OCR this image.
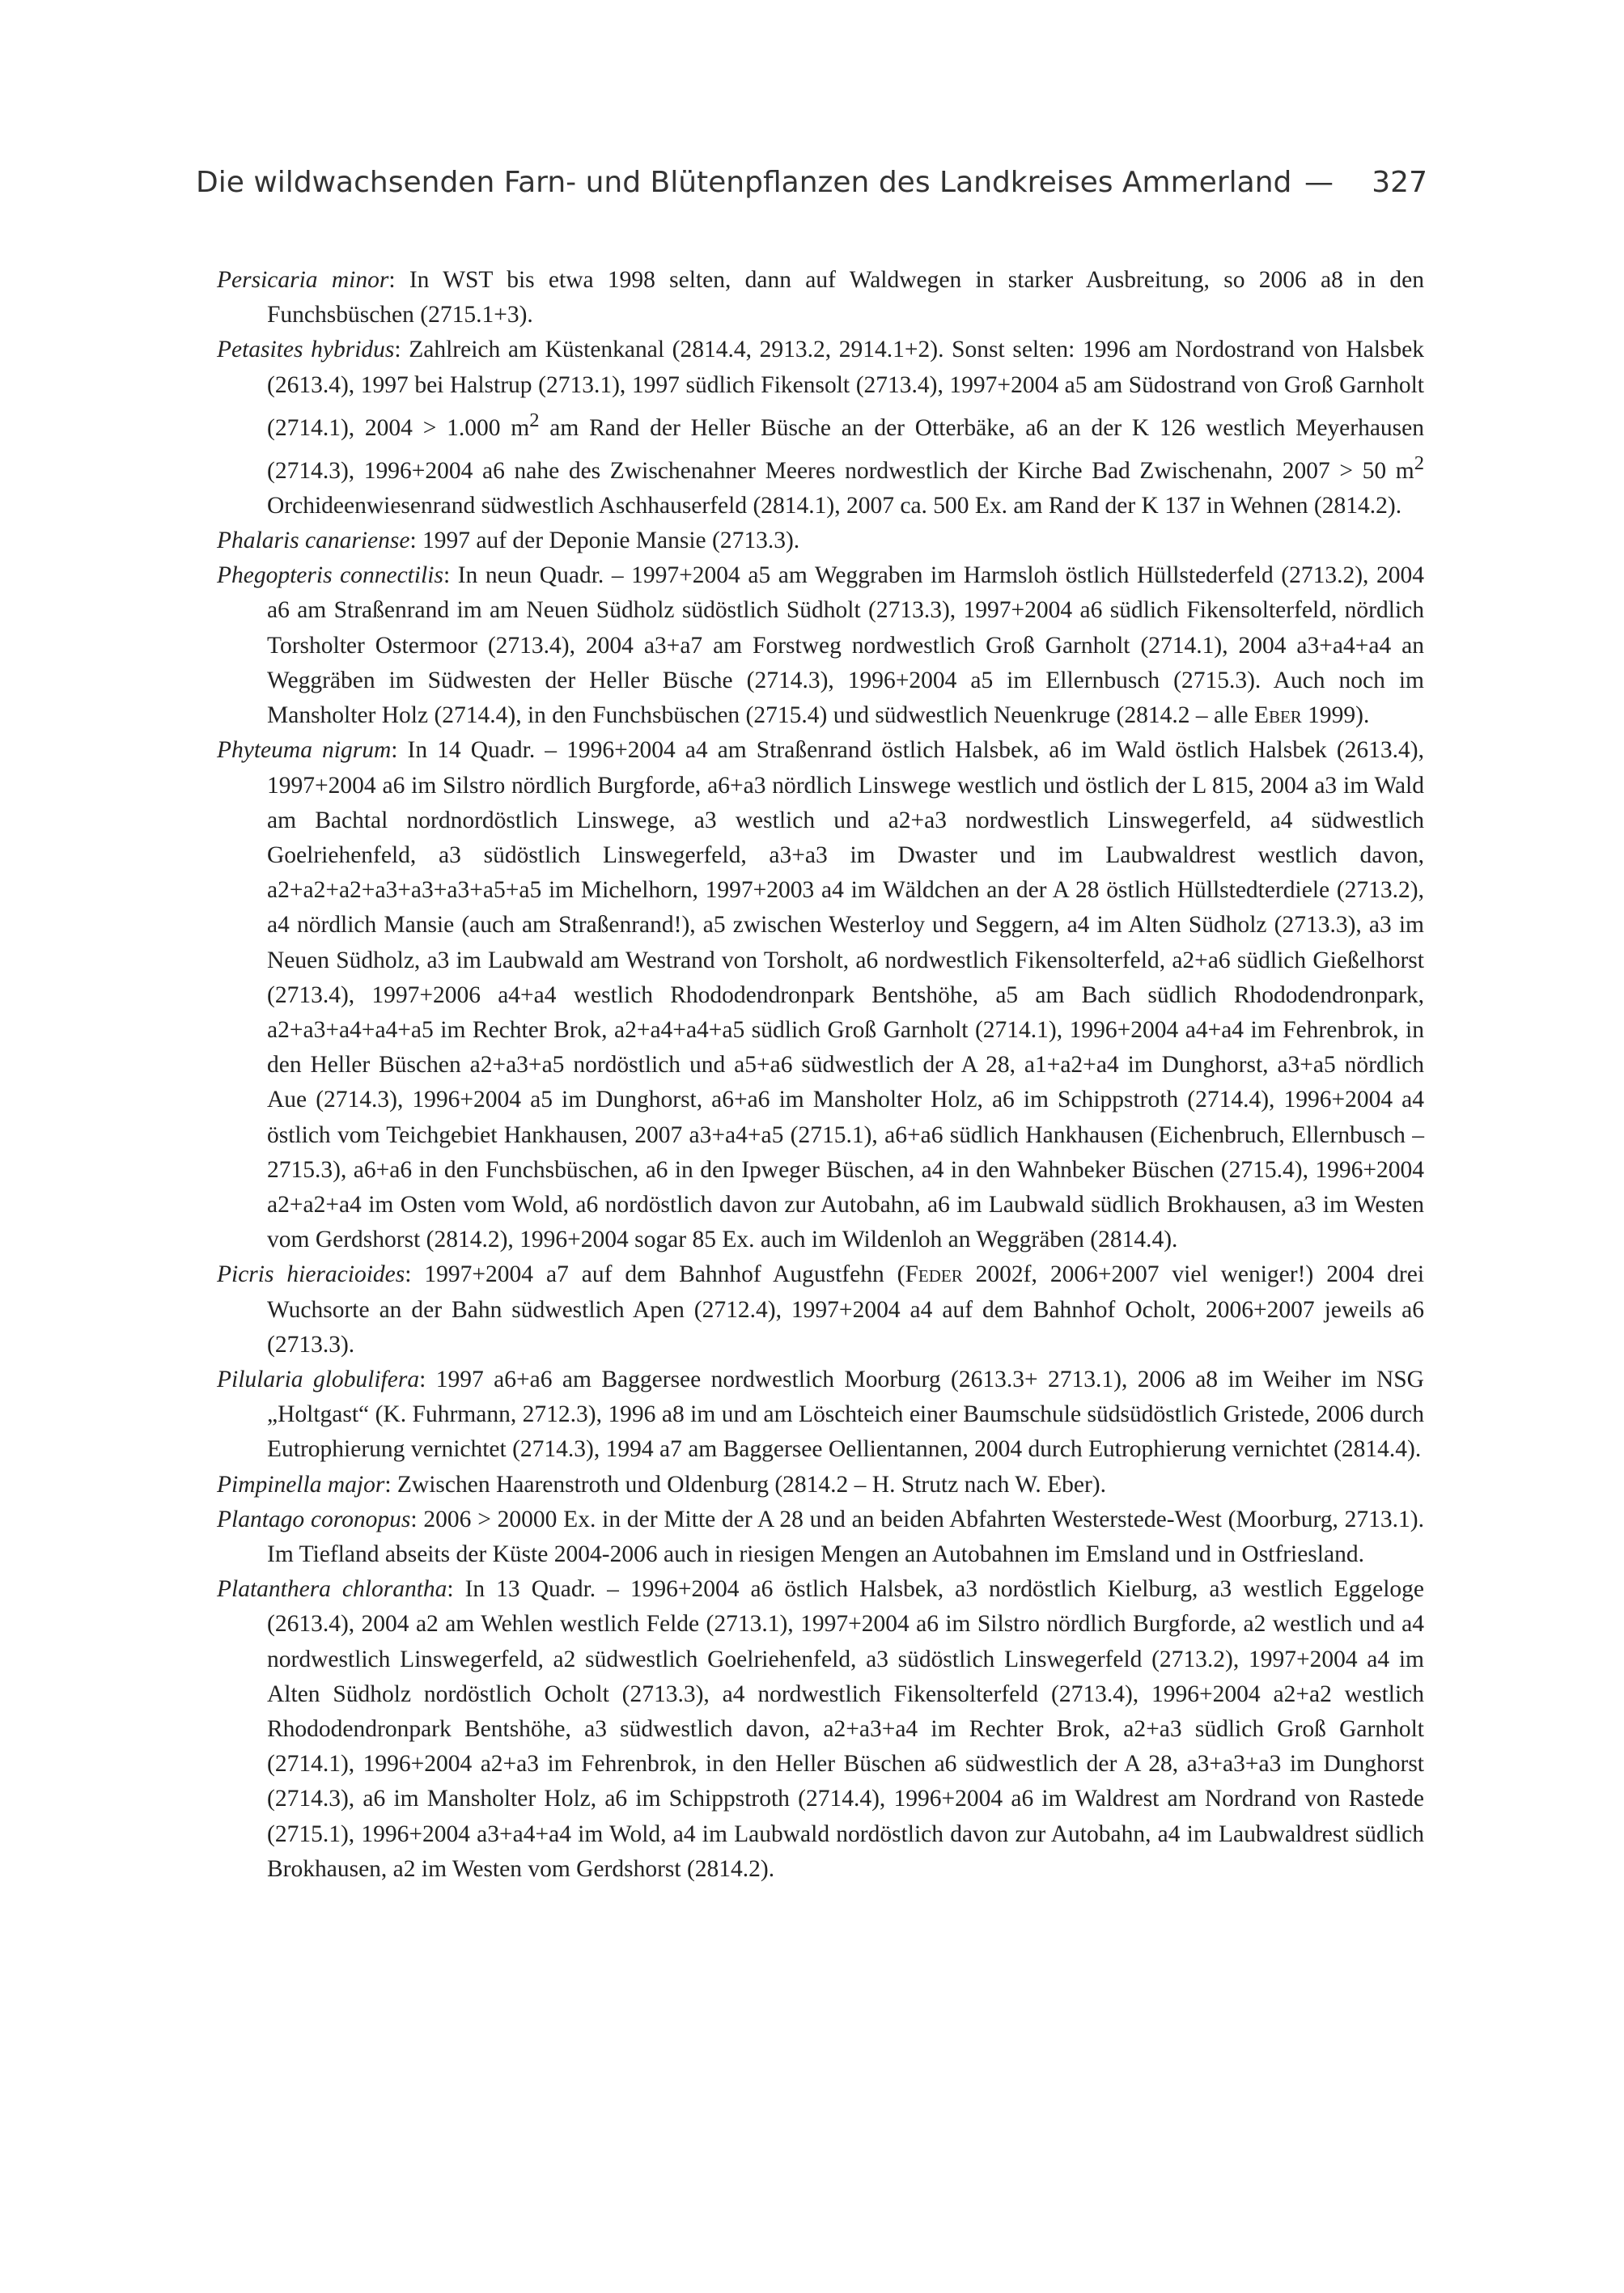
Die wildwachsenden Farn- und Blütenpflanzen des Landkreises Ammerland — 327

Persicaria minor: In WST bis etwa 1998 selten, dann auf Waldwegen in starker Ausbreitung, so 2006 a8 in den Funchsbüschen (2715.1+3).

Petasites hybridus: Zahlreich am Küstenkanal (2814.4, 2913.2, 2914.1+2). Sonst selten: 1996 am Nordostrand von Halsbek (2613.4), 1997 bei Halstrup (2713.1), 1997 südlich Fikensolt (2713.4), 1997+2004 a5 am Südostrand von Groß Garnholt (2714.1), 2004 > 1.000 $m^2$ am Rand der Heller Büsche an der Otterbäke, a6 an der K 126 westlich Meyerhausen (2714.3), 1996+2004 a6 nahe des Zwischenahner Meeres nordwestlich der Kirche Bad Zwischenahn, 2007 > 50 $m^2$ Orchideenwiesenrand südwestlich Aschhauserfeld (2814.1), 2007 ca. 500 Ex. am Rand der K 137 in Wehnen (2814.2).

Phalaris canariense: 1997 auf der Deponie Mansie (2713.3).

Phegopteris connectilis: In neun Quadr. – 1997+2004 a5 am Weggraben im Harmsloh östlich Hüllstederfeld (2713.2), 2004 a6 am Straßenrand im am Neuen Südholz südöstlich Südholt (2713.3), 1997+2004 a6 südlich Fikensolterfeld, nördlich Torsholter Ostermoor (2713.4), 2004 a3+a7 am Forstweg nordwestlich Groß Garnholt (2714.1), 2004 a3+a4+a4 an Weggräben im Südwesten der Heller Büsche (2714.3), 1996+2004 a5 im Ellernbusch (2715.3). Auch noch im Mansholter Holz (2714.4), in den Funchsbüschen (2715.4) und südwestlich Neuenkruge (2814.2 – alle Eber 1999).

Phyteuma nigrum: In 14 Quadr. – 1996+2004 a4 am Straßenrand östlich Halsbek, a6 im Wald östlich Halsbek (2613.4), 1997+2004 a6 im Silstro nördlich Burgforde, a6+a3 nördlich Linswege westlich und östlich der L 815, 2004 a3 im Wald am Bachtal nordnordöstlich Linswege, a3 westlich und a2+a3 nordwestlich Linswegerfeld, a4 südwestlich Goelriehenfeld, a3 südöstlich Linswegerfeld, a3+a3 im Dwaster und im Laubwaldrest westlich davon, a2+a2+a2+a3+a3+a3+a5+a5 im Michelhorn, 1997+2003 a4 im Wäldchen an der A 28 östlich Hüllstedterdiele (2713.2), a4 nördlich Mansie (auch am Straßenrand!), a5 zwischen Westerloy und Seggern, a4 im Alten Südholz (2713.3), a3 im Neuen Südholz, a3 im Laubwald am Westrand von Torsholt, a6 nordwestlich Fikensolterfeld, a2+a6 südlich Gießelhorst (2713.4), 1997+2006 a4+a4 westlich Rhododendronpark Bentshöhe, a5 am Bach südlich Rhododendronpark, a2+a3+a4+a4+a5 im Rechter Brok, a2+a4+a4+a5 südlich Groß Garnholt (2714.1), 1996+2004 a4+a4 im Fehrenbrok, in den Heller Büschen a2+a3+a5 nordöstlich und a5+a6 südwestlich der A 28, a1+a2+a4 im Dunghorst, a3+a5 nördlich Aue (2714.3), 1996+2004 a5 im Dunghorst, a6+a6 im Mansholter Holz, a6 im Schippstroth (2714.4), 1996+2004 a4 östlich vom Teichgebiet Hankhausen, 2007 a3+a4+a5 (2715.1), a6+a6 südlich Hankhausen (Eichenbruch, Ellernbusch – 2715.3), a6+a6 in den Funchsbüschen, a6 in den Ipweger Büschen, a4 in den Wahnbeker Büschen (2715.4), 1996+2004 a2+a2+a4 im Osten vom Wold, a6 nordöstlich davon zur Autobahn, a6 im Laubwald südlich Brokhausen, a3 im Westen vom Gerdshorst (2814.2), 1996+2004 sogar 85 Ex. auch im Wildenloh an Weggräben (2814.4).

Picris hieracioides: 1997+2004 a7 auf dem Bahnhof Augustfehn (Feder 2002f, 2006+2007 viel weniger!) 2004 drei Wuchsorte an der Bahn südwestlich Apen (2712.4), 1997+2004 a4 auf dem Bahnhof Ocholt, 2006+2007 jeweils a6 (2713.3).

Pilularia globulifera: 1997 a6+a6 am Baggersee nordwestlich Moorburg (2613.3+ 2713.1), 2006 a8 im Weiher im NSG „Holtgast“ (K. Fuhrmann, 2712.3), 1996 a8 im und am Löschteich einer Baumschule südsüdöstlich Gristede, 2006 durch Eutrophierung vernichtet (2714.3), 1994 a7 am Baggersee Oellientannen, 2004 durch Eutrophierung vernichtet (2814.4).

Pimpinella major: Zwischen Haarenstroth und Oldenburg (2814.2 – H. Strutz nach W. Eber).

Plantago coronopus: 2006 > 20000 Ex. in der Mitte der A 28 und an beiden Abfahrten Westerstede-West (Moorburg, 2713.1). Im Tiefland abseits der Küste 2004-2006 auch in riesigen Mengen an Autobahnen im Emsland und in Ostfriesland.

Platanthera chlorantha: In 13 Quadr. – 1996+2004 a6 östlich Halsbek, a3 nordöstlich Kielburg, a3 westlich Eggeloge (2613.4), 2004 a2 am Wehlen westlich Felde (2713.1), 1997+2004 a6 im Silstro nördlich Burgforde, a2 westlich und a4 nordwestlich Linswegerfeld, a2 südwestlich Goelriehenfeld, a3 südöstlich Linswegerfeld (2713.2), 1997+2004 a4 im Alten Südholz nordöstlich Ocholt (2713.3), a4 nordwestlich Fikensolterfeld (2713.4), 1996+2004 a2+a2 westlich Rhododendronpark Bentshöhe, a3 südwestlich davon, a2+a3+a4 im Rechter Brok, a2+a3 südlich Groß Garnholt (2714.1), 1996+2004 a2+a3 im Fehrenbrok, in den Heller Büschen a6 südwestlich der A 28, a3+a3+a3 im Dunghorst (2714.3), a6 im Mansholter Holz, a6 im Schippstroth (2714.4), 1996+2004 a6 im Waldrest am Nordrand von Rastede (2715.1), 1996+2004 a3+a4+a4 im Wold, a4 im Laubwald nordöstlich davon zur Autobahn, a4 im Laubwaldrest südlich Brokhausen, a2 im Westen vom Gerdshorst (2814.2).
